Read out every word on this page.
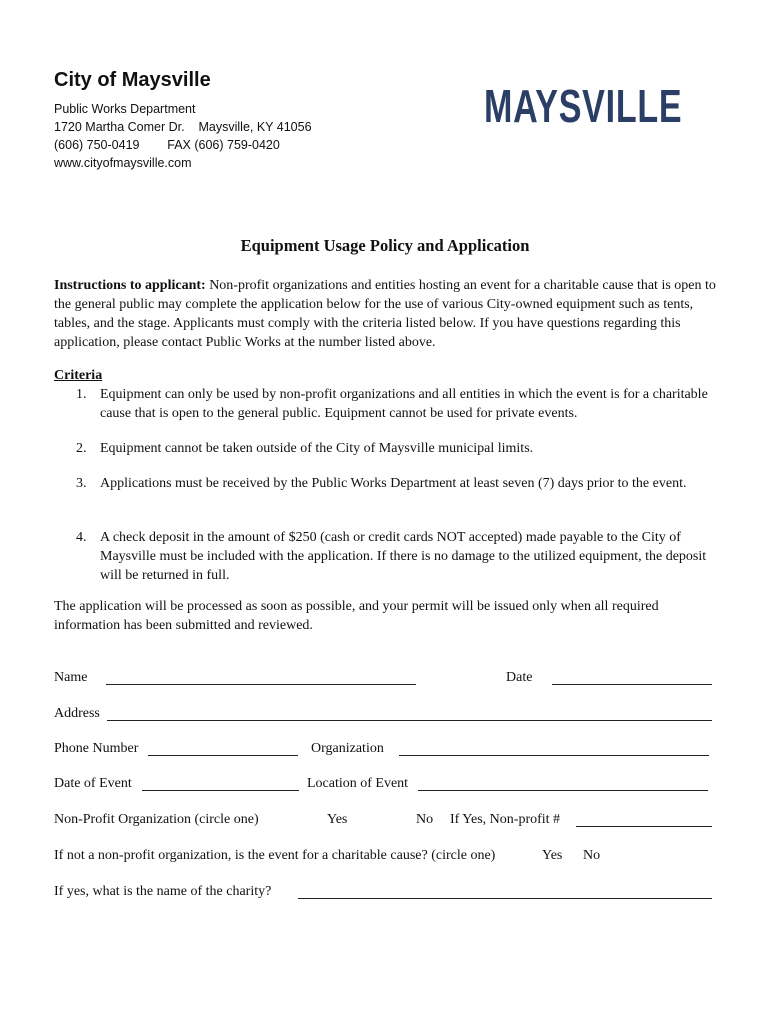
City of Maysville
Public Works Department
1720 Martha Comer Dr.    Maysville, KY 41056
(606) 750-0419        FAX (606) 759-0420
www.cityofmaysville.com
MAYSVILLE
Equipment Usage Policy and Application
Instructions to applicant: Non-profit organizations and entities hosting an event for a charitable cause that is open to the general public may complete the application below for the use of various City-owned equipment such as tents, tables, and the stage. Applicants must comply with the criteria listed below. If you have questions regarding this application, please contact Public Works at the number listed above.
Criteria
1. Equipment can only be used by non-profit organizations and all entities in which the event is for a charitable cause that is open to the general public. Equipment cannot be used for private events.
2. Equipment cannot be taken outside of the City of Maysville municipal limits.
3. Applications must be received by the Public Works Department at least seven (7) days prior to the event.
4. A check deposit in the amount of $250 (cash or credit cards NOT accepted) made payable to the City of Maysville must be included with the application. If there is no damage to the utilized equipment, the deposit will be returned in full.
The application will be processed as soon as possible, and your permit will be issued only when all required information has been submitted and reviewed.
Name	Date
Address
Phone Number	Organization
Date of Event	Location of Event
Non-Profit Organization (circle one)	Yes	No If Yes, Non-profit #
If not a non-profit organization, is the event for a charitable cause? (circle one)	Yes No
If yes, what is the name of the charity?
